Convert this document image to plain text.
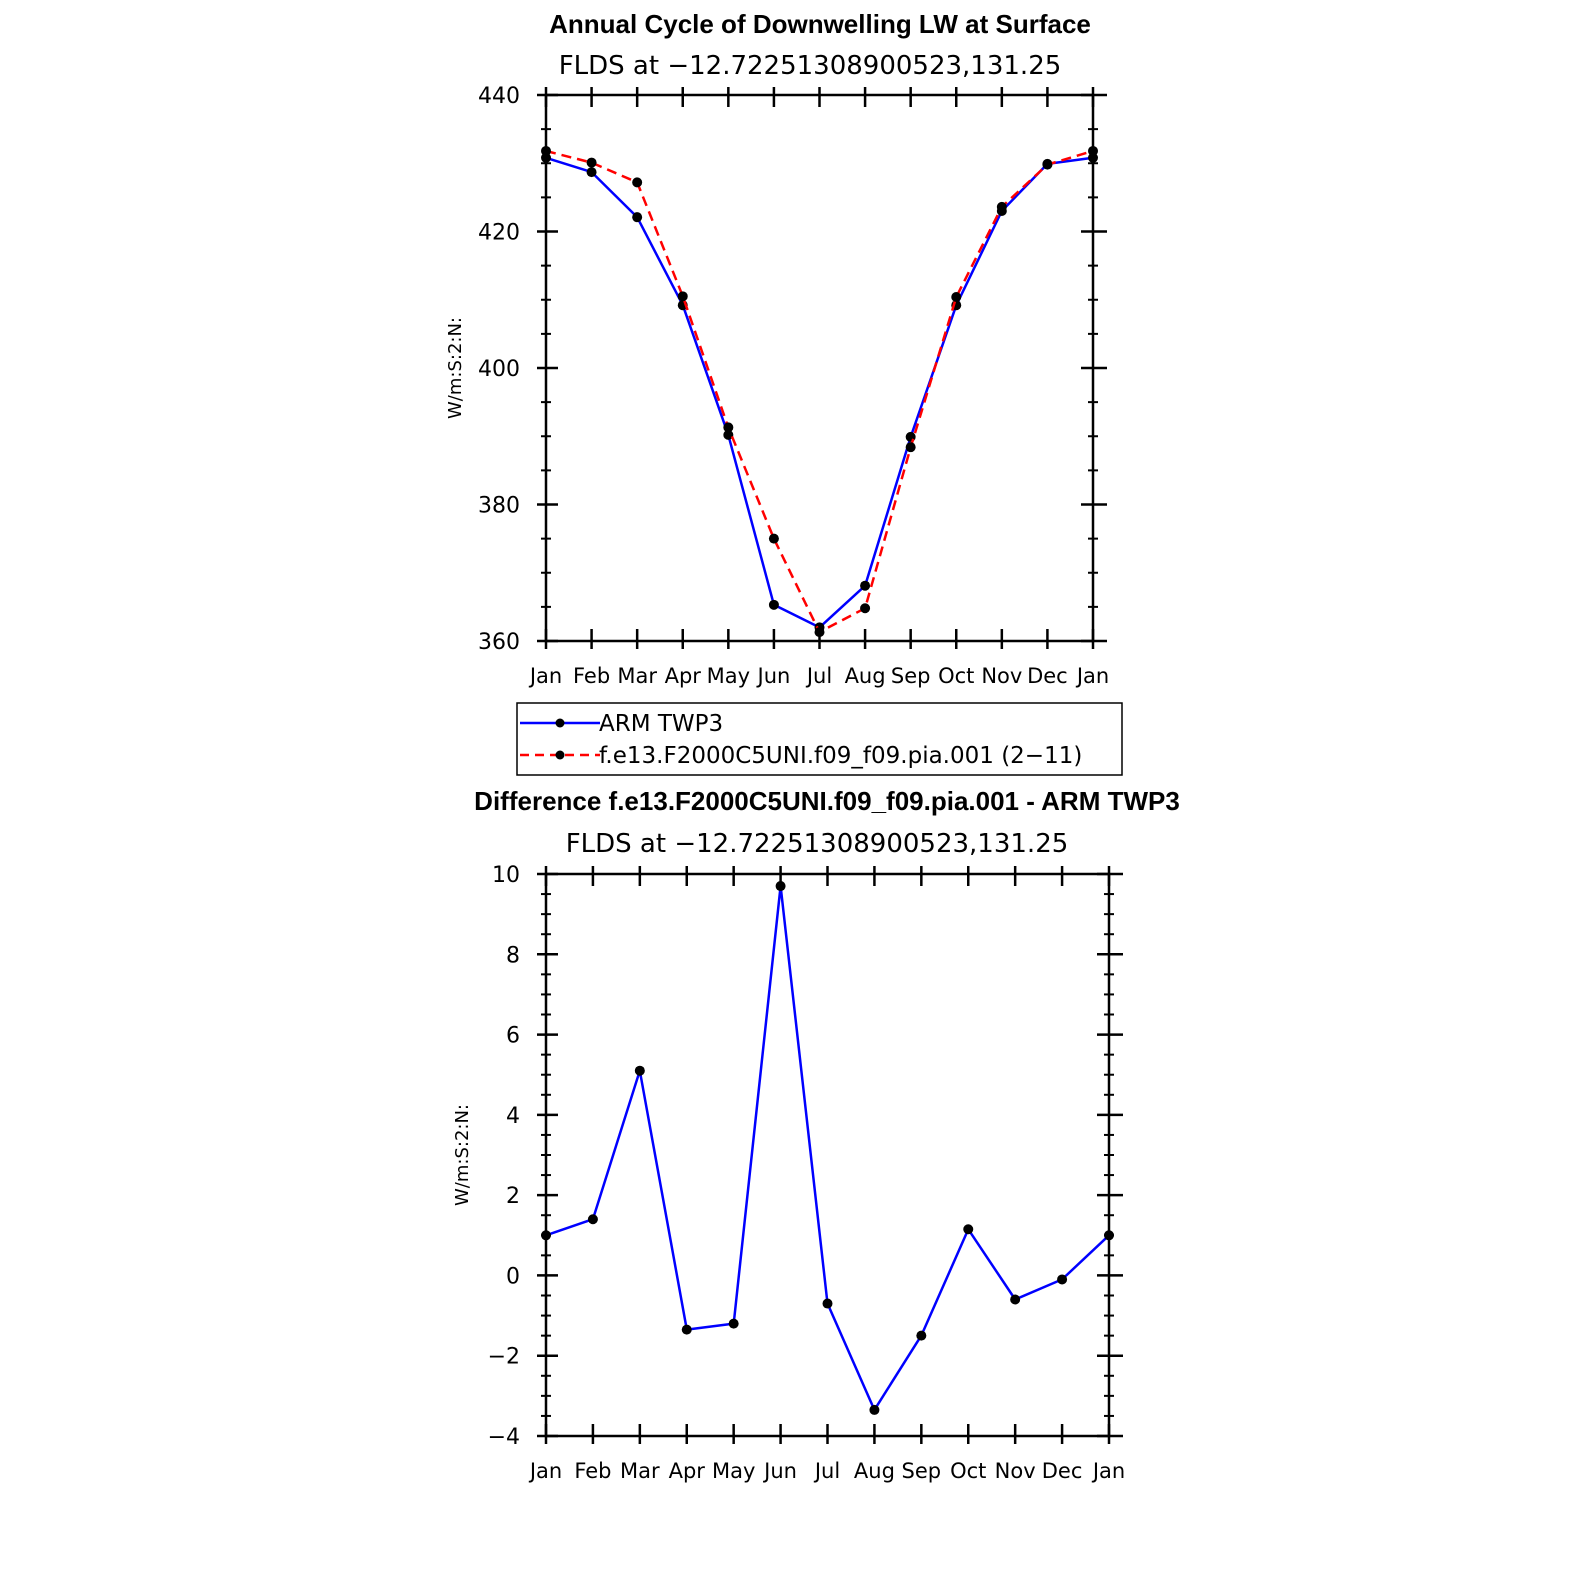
Annual Cycle of Downwelling LW at Surface
FLDS at −12.72251308900523,131.25
W/m:S:2:N:
Jan Feb Mar Apr May Jun Jul Aug Sep Oct Nov Dec Jan
360
380
400
420
440
ARM TWP3
f.e13.F2000C5UNI.f09_f09.pia.001 (2−11)
Difference f.e13.F2000C5UNI.f09_f09.pia.001 - ARM TWP3
FLDS at −12.72251308900523,131.25
W/m:S:2:N:
Jan Feb Mar Apr May Jun Jul Aug Sep Oct Nov Dec Jan
−4
−2
0
2
4
6
8
10
